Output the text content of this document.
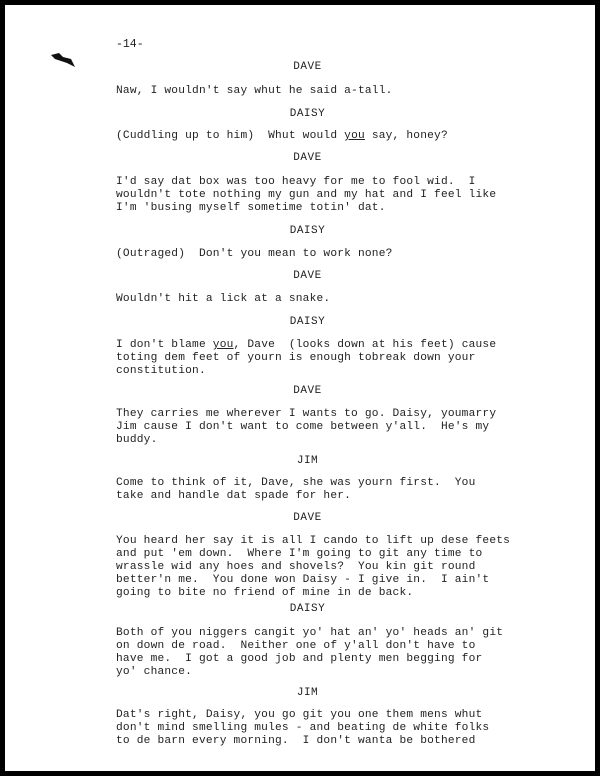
-14-
DAVE
Naw, I wouldn't say whut he said a-tall.
DAISY
(Cuddling up to him)  Whut would you say, honey?
DAVE
I'd say dat box was too heavy for me to fool wid.  I
wouldn't tote nothing my gun and my hat and I feel like
I'm 'busing myself sometime totin' dat.
DAISY
(Outraged)  Don't you mean to work none?
DAVE
Wouldn't hit a lick at a snake.
DAISY
I don't blame you, Dave  (looks down at his feet) cause
toting dem feet of yourn is enough tobreak down your
constitution.
DAVE
They carries me wherever I wants to go. Daisy, youmarry
Jim cause I don't want to come between y'all.  He's my
buddy.
JIM
Come to think of it, Dave, she was yourn first.  You
take and handle dat spade for her.
DAVE
You heard her say it is all I cando to lift up dese feets
and put 'em down.  Where I'm going to git any time to
wrassle wid any hoes and shovels?  You kin git round
better'n me.  You done won Daisy - I give in.  I ain't
going to bite no friend of mine in de back.
DAISY
Both of you niggers cangit yo' hat an' yo' heads an' git
on down de road.  Neither one of y'all don't have to
have me.  I got a good job and plenty men begging for
yo' chance.
JIM
Dat's right, Daisy, you go git you one them mens whut
don't mind smelling mules - and beating de white folks
to de barn every morning.  I don't wanta be bothered
